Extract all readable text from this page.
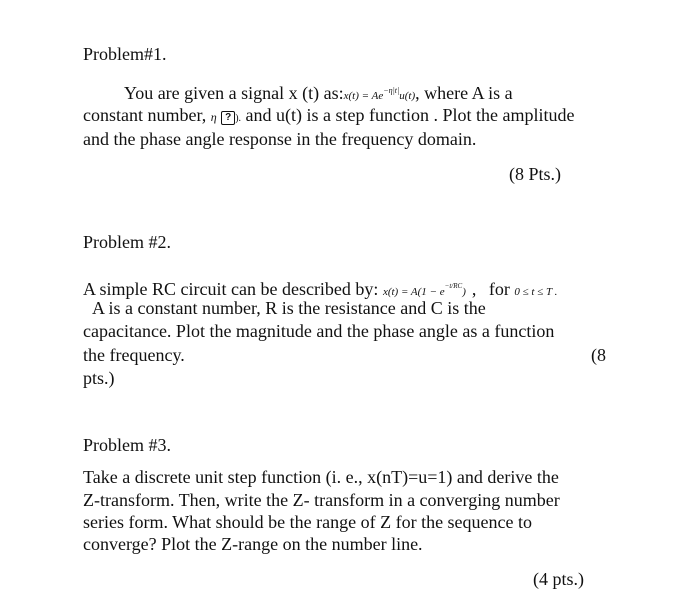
Problem#1.
You are given a signal x (t) as:x(t) = $Ae^{-\eta|t|}u(t)$, where A is a
constant number, η ? ). and u(t) is a step function . Plot the amplitude
and the phase angle response in the frequency domain.
(8 Pts.)
Problem #2.
A simple RC circuit can be described by: $x(t) = A(1 - e^{-t/RC})$ , for 0 ≤ t ≤ T .
A is a constant number, R is the resistance and C is the
capacitance. Plot the magnitude and the phase angle as a function
the frequency.	(8
pts.)
Problem #3.
Take a discrete unit step function (i. e., x(nT)=u=1) and derive the
Z-transform. Then, write the Z- transform in a converging number
series form. What should be the range of Z for the sequence to
converge? Plot the Z-range on the number line.
(4 pts.)
